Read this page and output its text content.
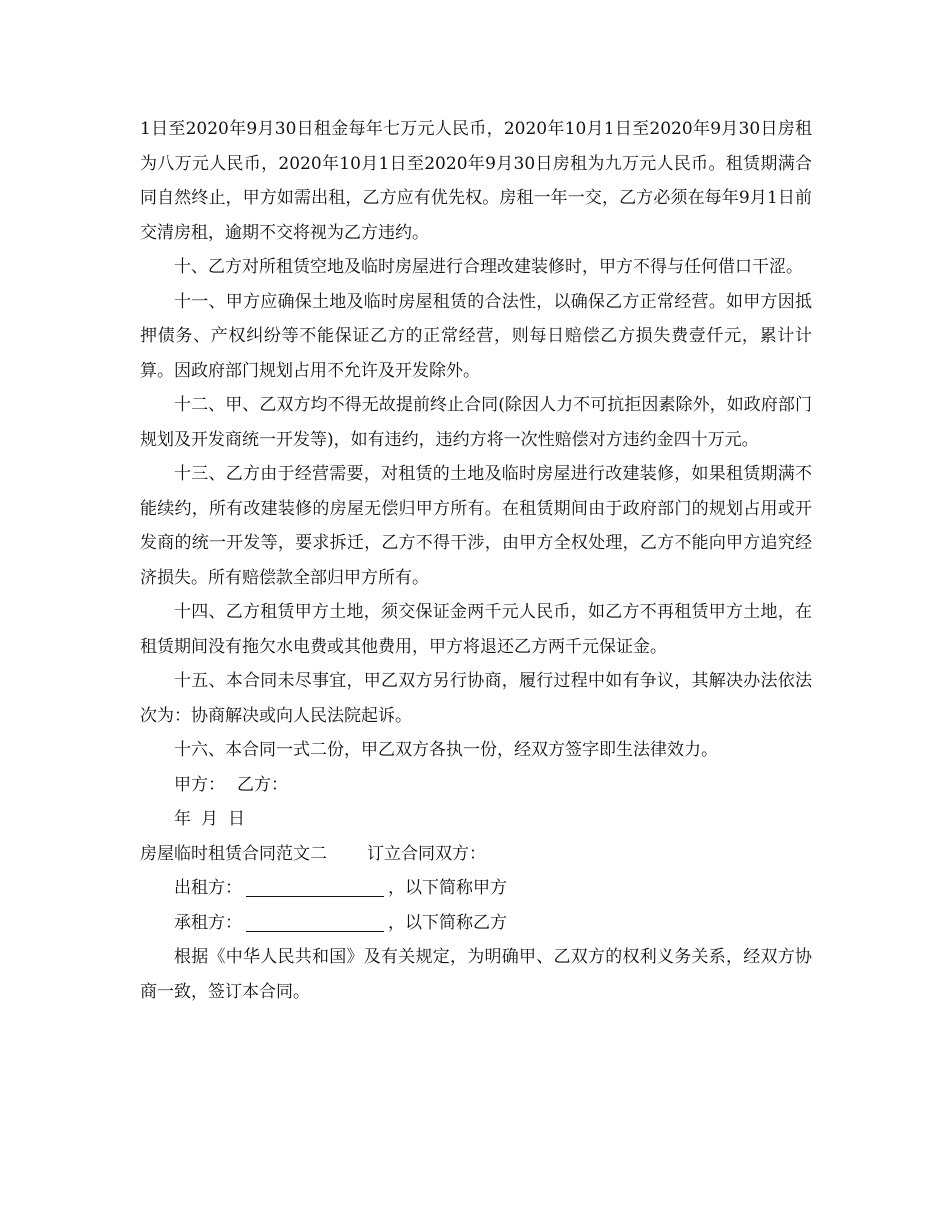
1日至2020年9月30日租金每年七万元人民币，2020年10月1日至2020年9月30日房租为八万元人民币，2020年10月1日至2020年9月30日房租为九万元人民币。租赁期满合同自然终止，甲方如需出租，乙方应有优先权。房租一年一交，乙方必须在每年9月1日前交清房租，逾期不交将视为乙方违约。

十、乙方对所租赁空地及临时房屋进行合理改建装修时，甲方不得与任何借口干涩。

十一、甲方应确保土地及临时房屋租赁的合法性，以确保乙方正常经营。如甲方因抵押债务、产权纠纷等不能保证乙方的正常经营，则每日赔偿乙方损失费壹仟元，累计计算。因政府部门规划占用不允许及开发除外。

十二、甲、乙双方均不得无故提前终止合同(除因人力不可抗拒因素除外，如政府部门规划及开发商统一开发等)，如有违约，违约方将一次性赔偿对方违约金四十万元。

十三、乙方由于经营需要，对租赁的土地及临时房屋进行改建装修，如果租赁期满不能续约，所有改建装修的房屋无偿归甲方所有。在租赁期间由于政府部门的规划占用或开发商的统一开发等，要求拆迁，乙方不得干涉，由甲方全权处理，乙方不能向甲方追究经济损失。所有赔偿款全部归甲方所有。

十四、乙方租赁甲方土地，须交保证金两千元人民币，如乙方不再租赁甲方土地，在租赁期间没有拖欠水电费或其他费用，甲方将退还乙方两千元保证金。

十五、本合同未尽事宜，甲乙双方另行协商，履行过程中如有争议，其解决办法依法次为：协商解决或向人民法院起诉。

十六、本合同一式二份，甲乙双方各执一份，经双方签字即生法律效力。

甲方： 乙方：

年 月 日

房屋临时租赁合同范文二 订立合同双方：

出租方：	，以下简称甲方

承租方：	，以下简称乙方

根据《中华人民共和国》及有关规定，为明确甲、乙双方的权利义务关系，经双方协商一致，签订本合同。
